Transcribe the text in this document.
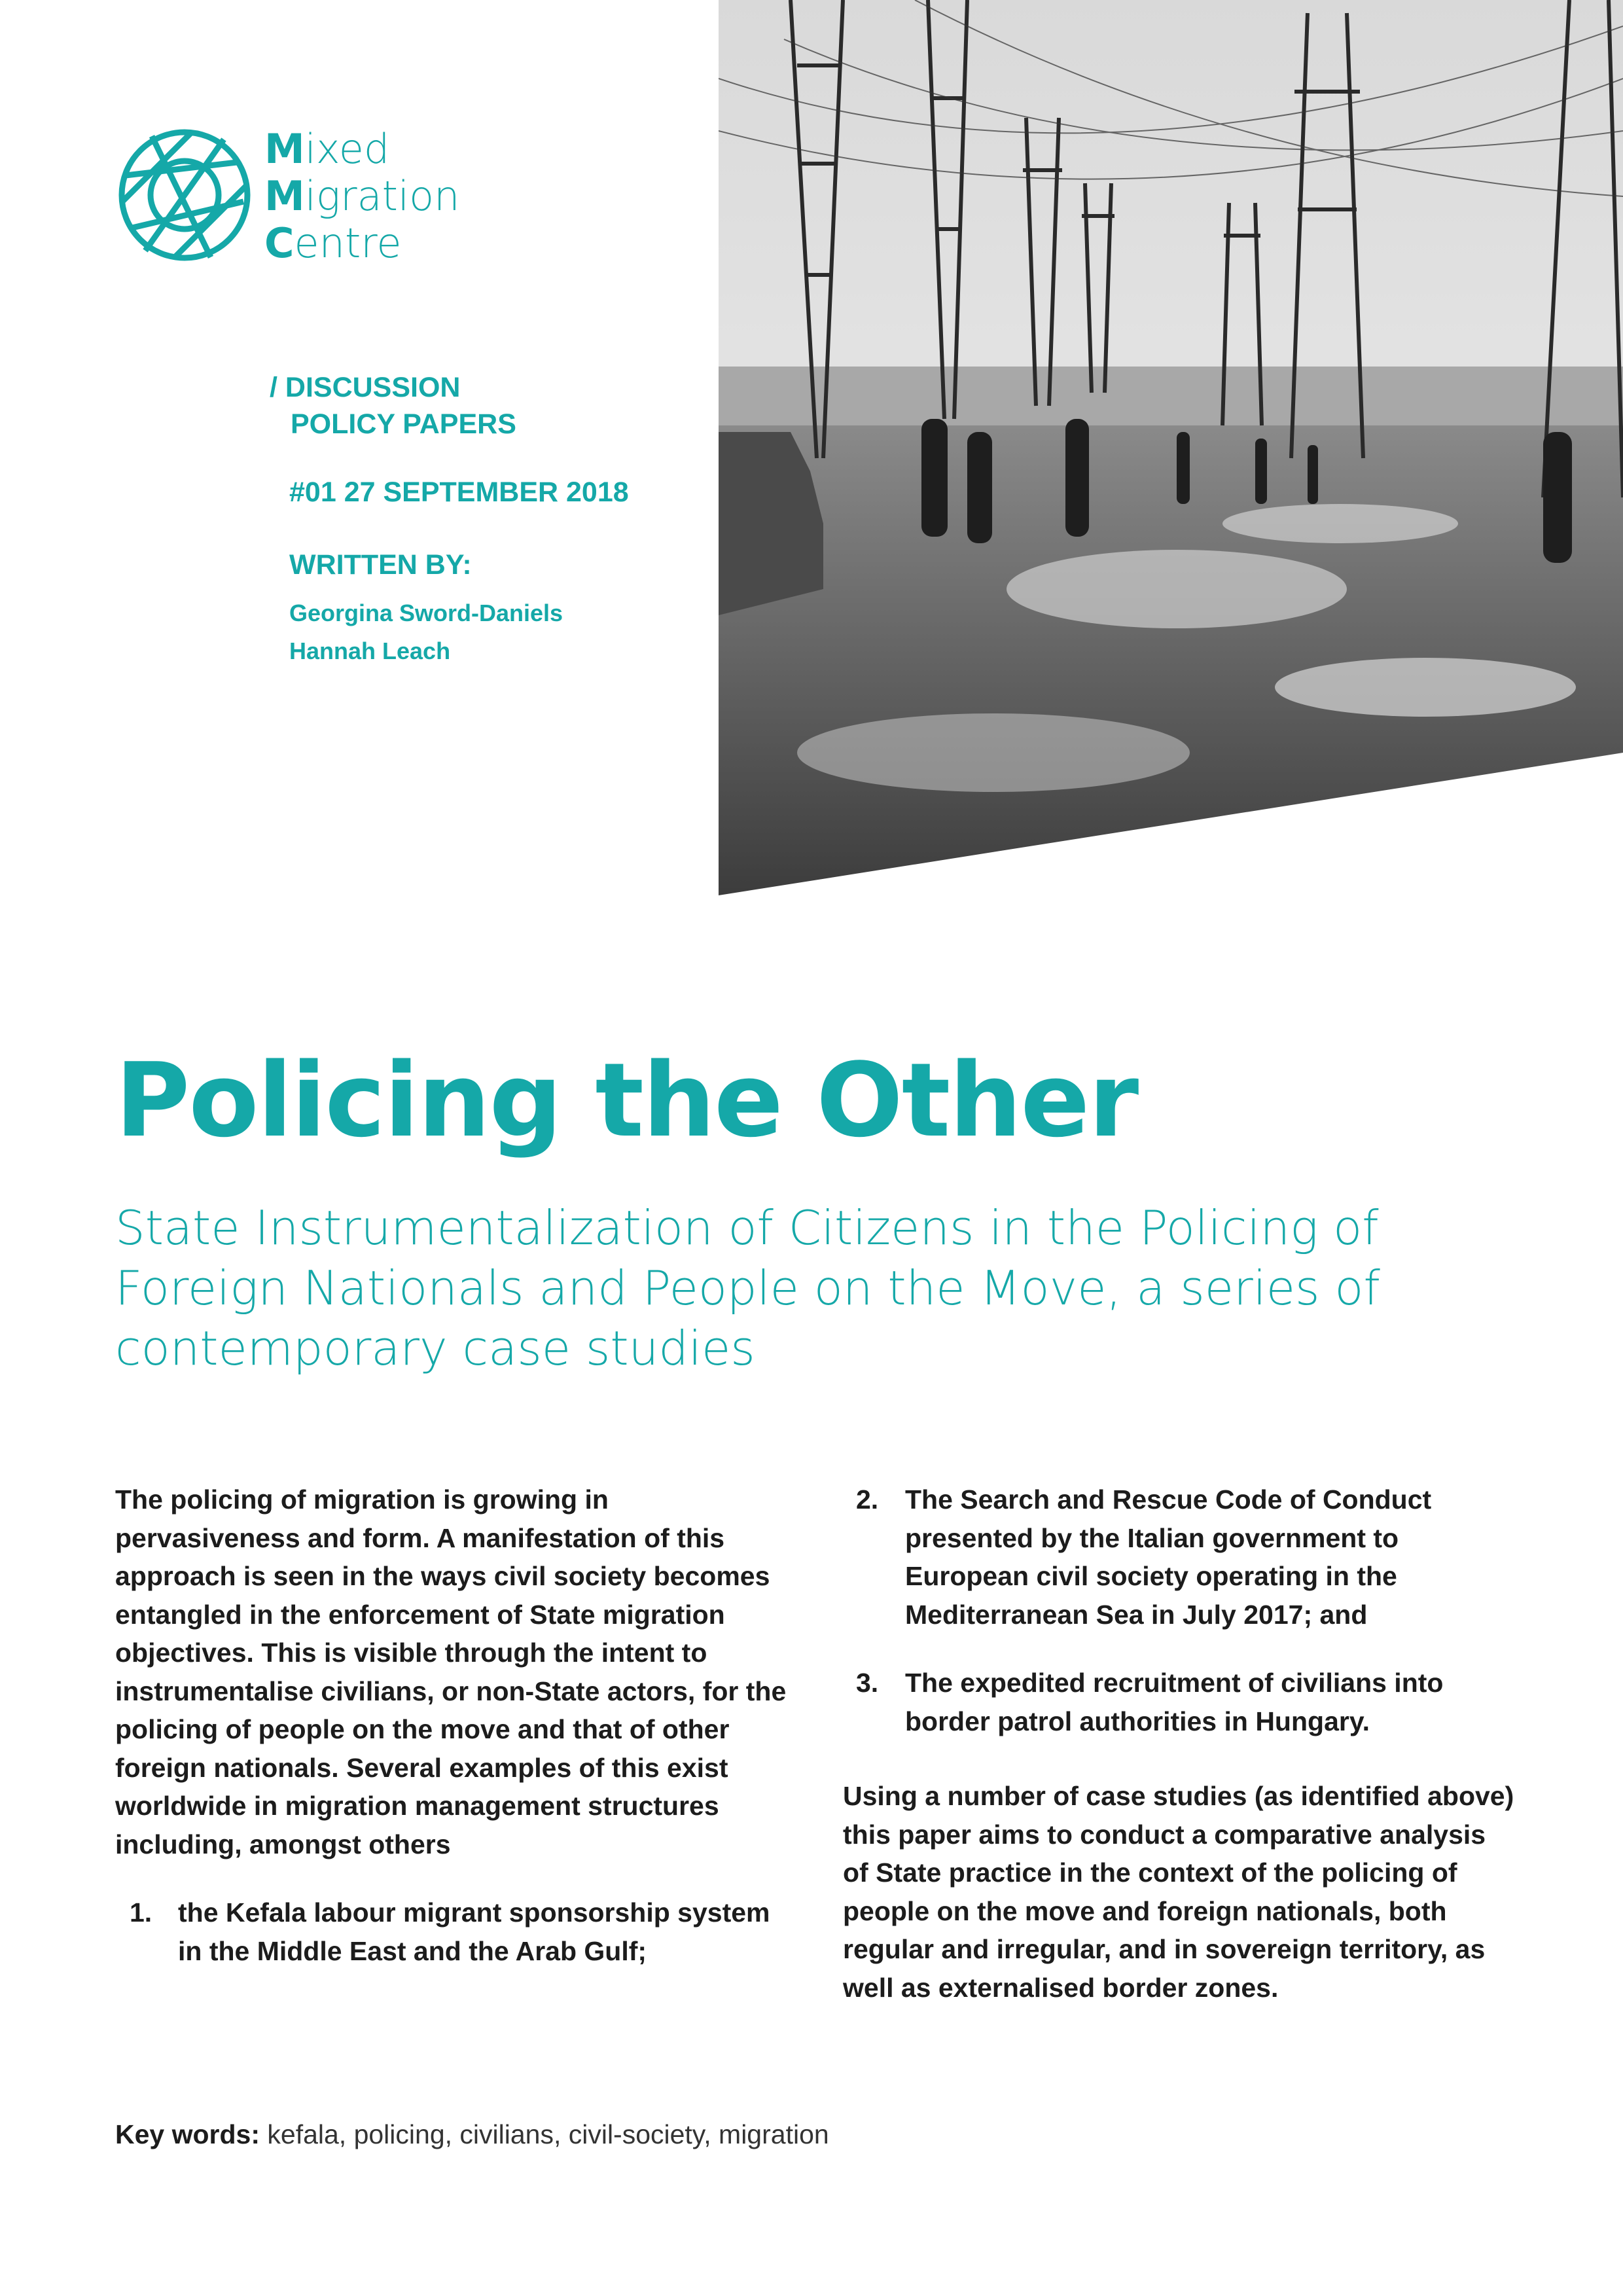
Mixed
Migration
Centre
/ DISCUSSION
POLICY PAPERS
#01 27 SEPTEMBER 2018
WRITTEN BY:
Georgina Sword-Daniels
Hannah Leach
Policing the Other
State Instrumentalization of Citizens in the Policing of Foreign Nationals and People on the Move, a series of contemporary case studies
The policing of migration is growing in pervasiveness and form. A manifestation of this approach is seen in the ways civil society becomes entangled in the enforcement of State migration objectives. This is visible through the intent to instrumentalise civilians, or non-State actors, for the policing of people on the move and that of other foreign nationals. Several examples of this exist worldwide in migration management structures including, amongst others
1. the Kefala labour migrant sponsorship system in the Middle East and the Arab Gulf;
2. The Search and Rescue Code of Conduct presented by the Italian government to European civil society operating in the Mediterranean Sea in July 2017; and
3. The expedited recruitment of civilians into border patrol authorities in Hungary.
Using a number of case studies (as identified above) this paper aims to conduct a comparative analysis of State practice in the context of the policing of people on the move and foreign nationals, both regular and irregular, and in sovereign territory, as well as externalised border zones.
Key words: kefala, policing, civilians, civil-society, migration
